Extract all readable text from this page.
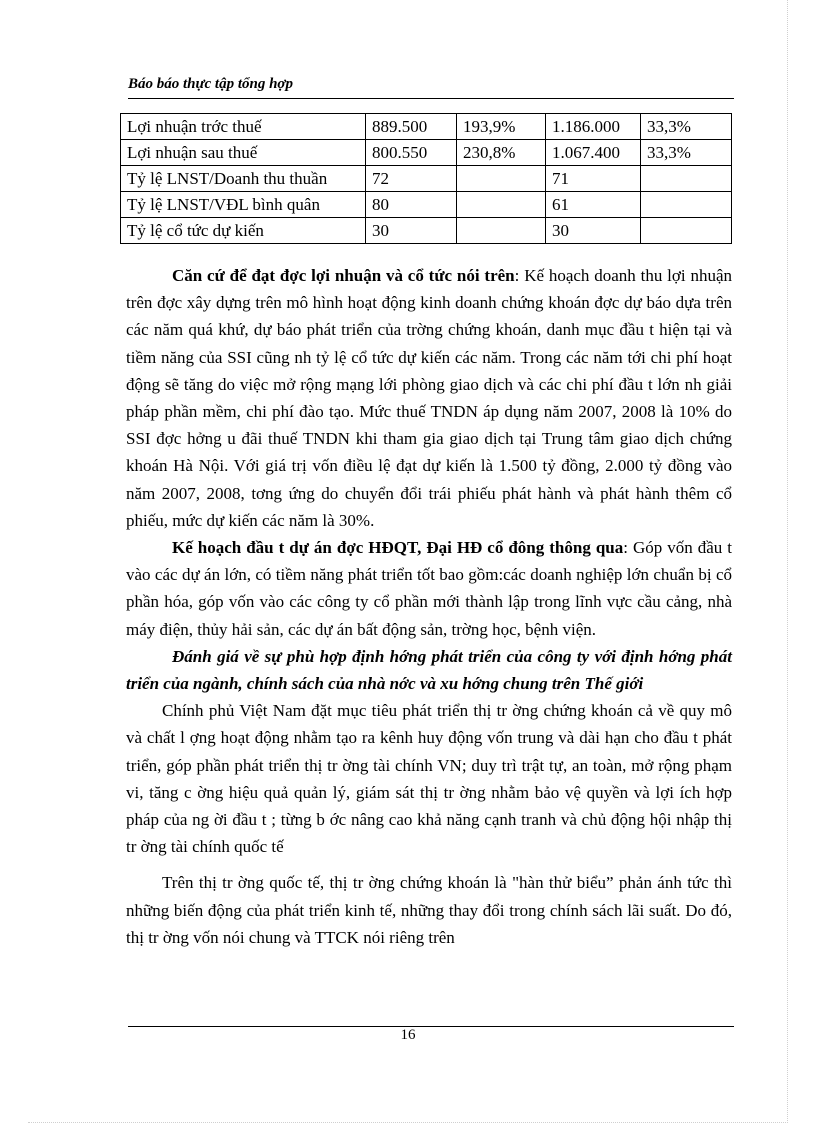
Báo báo thực tập tổng hợp
Lợi nhuận trớc thuế	889.500	193,9%	1.186.000	33,3%
Lợi nhuận sau thuế	800.550	230,8%	1.067.400	33,3%
Tỷ lệ LNST/Doanh thu thuần	72		71	
Tỷ lệ LNST/VĐL bình quân	80		61	
Tỷ lệ cổ tức dự kiến	30		30	

Căn cứ để đạt đợc lợi nhuận và cổ tức nói trên: Kế hoạch doanh thu lợi nhuận trên đợc xây dựng trên mô hình hoạt động kinh doanh chứng khoán đợc dự báo dựa trên các năm quá khứ, dự báo phát triển của trờng chứng khoán, danh mục đầu t hiện tại và tiềm năng của SSI cũng nh tỷ lệ cổ tức dự kiến các năm. Trong các năm tới chi phí hoạt động sẽ tăng do việc mở rộng mạng lới phòng giao dịch và các chi phí đầu t lớn nh giải pháp phần mềm, chi phí đào tạo. Mức thuế TNDN áp dụng năm 2007, 2008 là 10% do SSI đợc hởng u đãi thuế TNDN khi tham gia giao dịch tại Trung tâm giao dịch chứng khoán Hà Nội. Với giá trị vốn điều lệ đạt dự kiến là 1.500 tỷ đồng, 2.000 tỷ đồng vào năm 2007, 2008, tơng ứng do chuyển đổi trái phiếu phát hành và phát hành thêm cổ phiếu, mức dự kiến các năm là 30%.

Kế hoạch đầu t dự án đợc HĐQT, Đại HĐ cổ đông thông qua: Góp vốn đầu t vào các dự án lớn, có tiềm năng phát triển tốt bao gồm:các doanh nghiệp lớn chuẩn bị cổ phần hóa, góp vốn vào các công ty cổ phần mới thành lập trong lĩnh vực cầu cảng, nhà máy điện, thủy hải sản, các dự án bất động sản, trờng học, bệnh viện.

Đánh giá về sự phù hợp định hớng phát triển của công ty với định hớng phát triển của ngành, chính sách của nhà nớc và xu hớng chung trên Thế giới

Chính phủ Việt Nam đặt mục tiêu phát triển thị tr ờng chứng khoán cả về quy mô và chất l ợng hoạt động nhằm tạo ra kênh huy động vốn trung và dài hạn cho đầu t phát triển, góp phần phát triển thị tr ờng tài chính VN; duy trì trật tự, an toàn, mở rộng phạm vi, tăng c ờng hiệu quả quản lý, giám sát thị tr ờng nhằm bảo vệ quyền và lợi ích hợp pháp của ng ời đầu t ; từng b ớc nâng cao khả năng cạnh tranh và chủ động hội nhập thị tr ờng tài chính quốc tế

Trên thị tr ờng quốc tế, thị tr ờng chứng khoán là "hàn thử biểu” phản ánh tức thì những biến động của phát triển kinh tế, những thay đổi trong chính sách lãi suất. Do đó, thị tr ờng vốn nói chung và TTCK nói riêng trên

16
